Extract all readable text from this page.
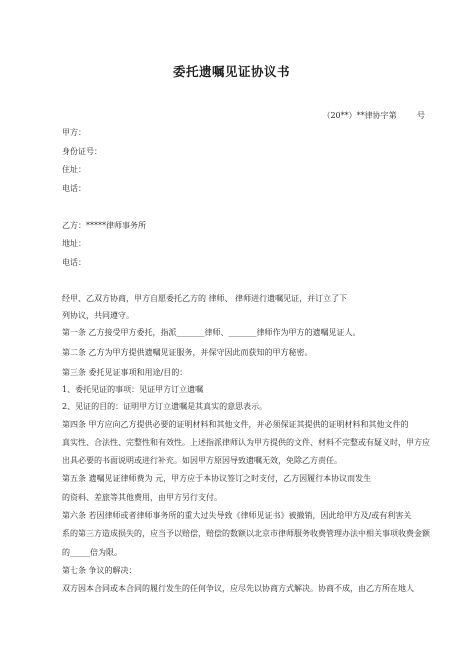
委托遗嘱见证协议书
（20**）**律协字第        号
甲方：
身份证号：
住址：
电话：
乙方：*****律师事务所
地址：
电话：
经甲、乙双方协商，甲方自愿委托乙方的 律师、 律师进行遗嘱见证，并订立了下
列协议，共同遵守。
第一条 乙方接受甲方委托，指派_______律师、_______律师作为甲方的遗嘱见证人。
第二条 乙方为甲方提供遗嘱见证服务，并保守因此而获知的甲方秘密。
第三条 委托见证事项和用途/目的：
1、委托见证的事项：见证甲方订立遗嘱
2、见证的目的：证明甲方订立遗嘱是其真实的意思表示。
第四条 甲方应向乙方提供必要的证明材料和其他文件，并必须保证其提供的证明材料和其他文件的
真实性、合法性、完整性和有效性。上述指派律师认为甲方提供的文件、材料不完整或有疑义时，甲方应
出具必要的书面说明或进行补充。如因甲方原因导致遗嘱无效，免除乙方责任。
第五条 遗嘱见证律师费为 元，甲方应于本协议签订之时支付，乙方因履行本协议而发生
的资料、差旅等其他费用，由甲方另行支付。
第六条 若因律师或者律师事务所的重大过失导致《律师见证书》被撤销，因此给甲方及/或有利害关
系的第三方造成损失的，应当予以赔偿，赔偿的数额以北京市律师服务收费管理办法中相关事项收费金额
的_____倍为限。
第七条 争议的解决：
双方因本合同或本合同的履行发生的任何争议，应尽先以协商方式解决。协商不成，由乙方所在地人
